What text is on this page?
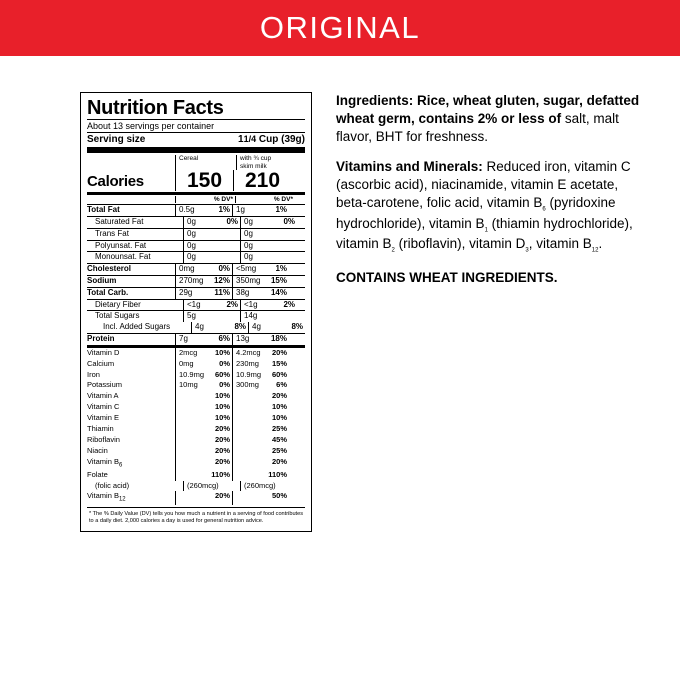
ORIGINAL
Nutrition Facts
About 13 servings per container
Serving size	11/4 Cup (39g)
Cereal	with ¾ cup
skim milk
Calories	150	210
% DV*	% DV*
Total Fat	0.5g	1% 1g	1%
Saturated Fat	0g	0% 0g	0%
Trans Fat	0g	0g
Polyunsat. Fat	0g	0g
Monounsat. Fat	0g	0g
Cholesterol	0mg	0% <5mg 1%
Sodium	270mg 12% 350mg 15%
Total Carb.	29g	11% 38g	14%
Dietary Fiber	<1g	2% <1g	2%
Total Sugars	5g	14g
Incl. Added Sugars	4g	8% 4g	8%
Protein	7g	6% 13g	18%
Vitamin D	2mcg 10% 4.2mcg 20%
Calcium	0mg	0% 230mg 15%
Iron	10.9mg 60% 10.9mg 60%
Potassium	10mg	0% 300mg 6%
Vitamin A	10%	20%
Vitamin C	10%	10%
Vitamin E	10%	10%
Thiamin	20%	25%
Riboflavin	20%	45%
Niacin	20%	25%
Vitamin $B_6$	20%	20%
Folate	110%	110%
(folic acid)	(260mcg)	(260mcg)
Vitamin $B_{12}$	20%	50%
* The % Daily Value (DV) tells you how much a nutrient in a serving of food contributes to a daily diet. 2,000 calories a day is used for general nutrition advice.

Ingredients: Rice, wheat gluten, sugar, defatted wheat germ, contains 2% or less of salt, malt flavor, BHT for freshness.

Vitamins and Minerals: Reduced iron, vitamin C (ascorbic acid), niacinamide, vitamin E acetate, beta-carotene, folic acid, vitamin $B_6$ (pyridoxine hydrochloride), vitamin $B_1$ (thiamin hydrochloride), vitamin $B_2$ (riboflavin), vitamin $D_3$, vitamin $B_{12}$.

CONTAINS WHEAT INGREDIENTS.
